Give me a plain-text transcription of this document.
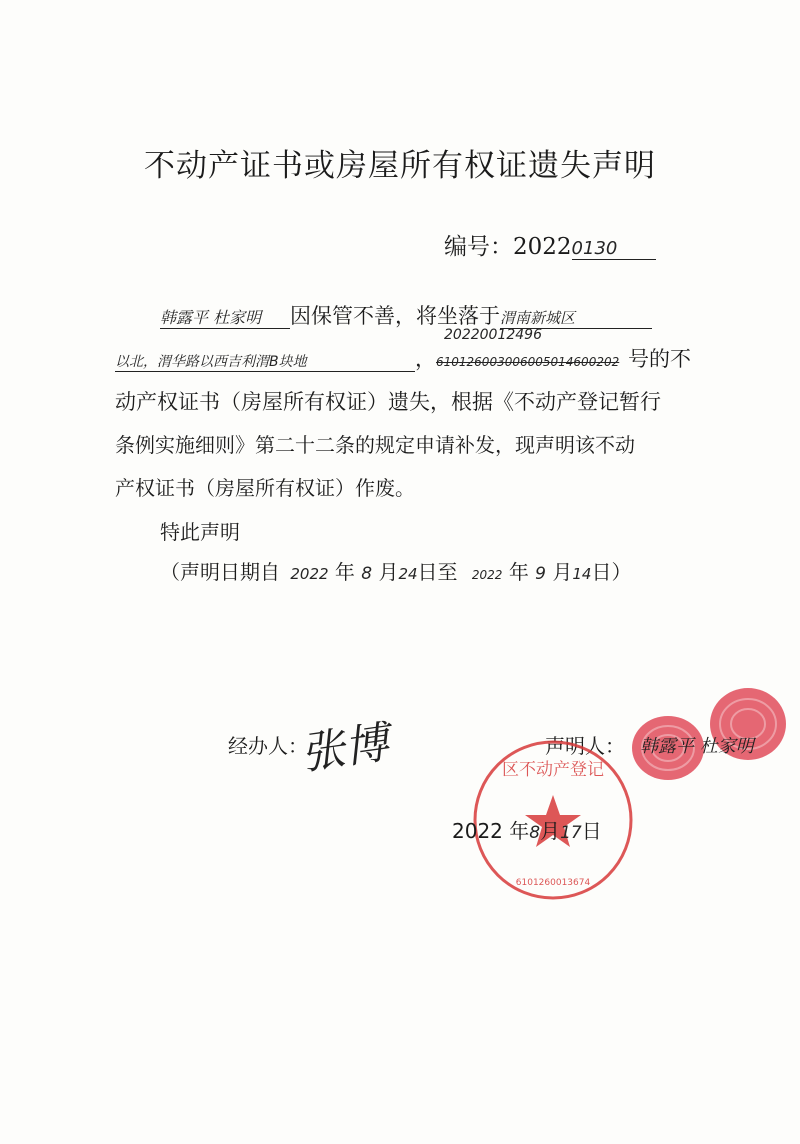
不动产证书或房屋所有权证遗失声明
编号：20220130
韩露平 杜家明 因保管不善，将坐落于渭南新城区
20220012496
以北，渭华路以西吉利渭B块地	，610126003006005014600202 号的不
动产权证书（房屋所有权证）遗失，根据《不动产登记暂行
条例实施细则》第二十二条的规定申请补发，现声明该不动
产权证书（房屋所有权证）作废。
特此声明
（声明日期自 2022 年 8 月24日至 2022 年 9 月14日）
经办人：
张博	声明人： 韩露平 杜家明
区不动产登记
6101260013674
2022 年8月17日
